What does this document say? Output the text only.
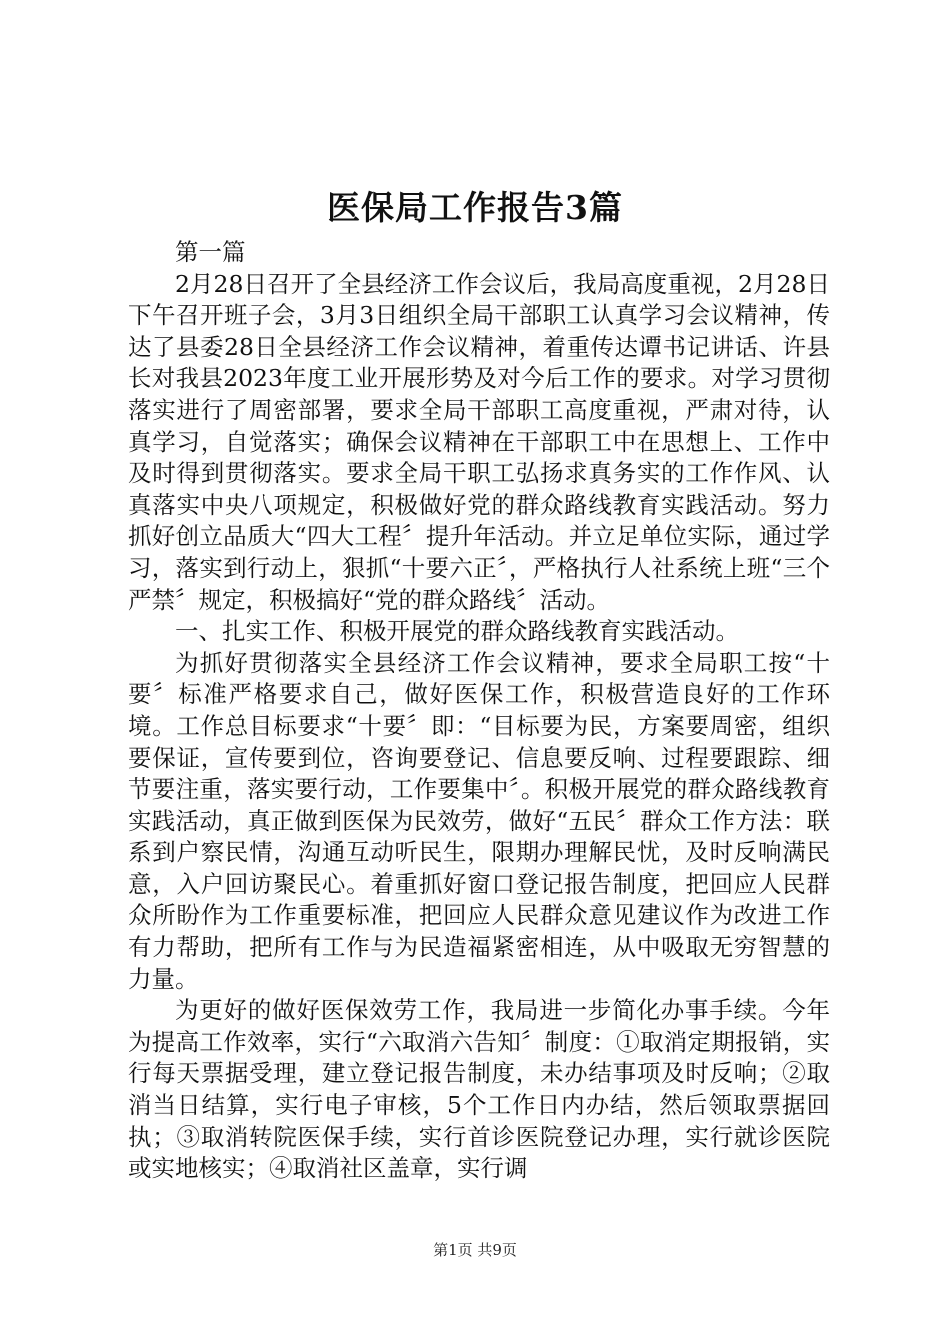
医保局工作报告3篇

第一篇

2月28日召开了全县经济工作会议后，我局高度重视，2月28日下午召开班子会，3月3日组织全局干部职工认真学习会议精神，传达了县委28日全县经济工作会议精神，着重传达谭书记讲话、许县长对我县2023年度工业开展形势及对今后工作的要求。对学习贯彻落实进行了周密部署，要求全局干部职工高度重视，严肃对待，认真学习，自觉落实；确保会议精神在干部职工中在思想上、工作中及时得到贯彻落实。要求全局干职工弘扬求真务实的工作作风、认真落实中央八项规定，积极做好党的群众路线教育实践活动。努力抓好创立品质大“四大工程〞提升年活动。并立足单位实际，通过学习，落实到行动上，狠抓“十要六正〞，严格执行人社系统上班“三个严禁〞规定，积极搞好“党的群众路线〞活动。

一、扎实工作、积极开展党的群众路线教育实践活动。

为抓好贯彻落实全县经济工作会议精神，要求全局职工按“十要〞标准严格要求自己，做好医保工作，积极营造良好的工作环境。工作总目标要求“十要〞即：“目标要为民，方案要周密，组织要保证，宣传要到位，咨询要登记、信息要反响、过程要跟踪、细节要注重，落实要行动，工作要集中〞。积极开展党的群众路线教育实践活动，真正做到医保为民效劳，做好“五民〞群众工作方法：联系到户察民情，沟通互动听民生，限期办理解民忧，及时反响满民意，入户回访聚民心。着重抓好窗口登记报告制度，把回应人民群众所盼作为工作重要标准，把回应人民群众意见建议作为改进工作有力帮助，把所有工作与为民造福紧密相连，从中吸取无穷智慧的力量。

为更好的做好医保效劳工作，我局进一步简化办事手续。今年为提高工作效率，实行“六取消六告知〞制度：①取消定期报销，实行每天票据受理，建立登记报告制度，未办结事项及时反响；②取消当日结算，实行电子审核，5个工作日内办结，然后领取票据回执；③取消转院医保手续，实行首诊医院登记办理，实行就诊医院　 或实地核实；④取消社区盖章，实行调

第1页 共9页
